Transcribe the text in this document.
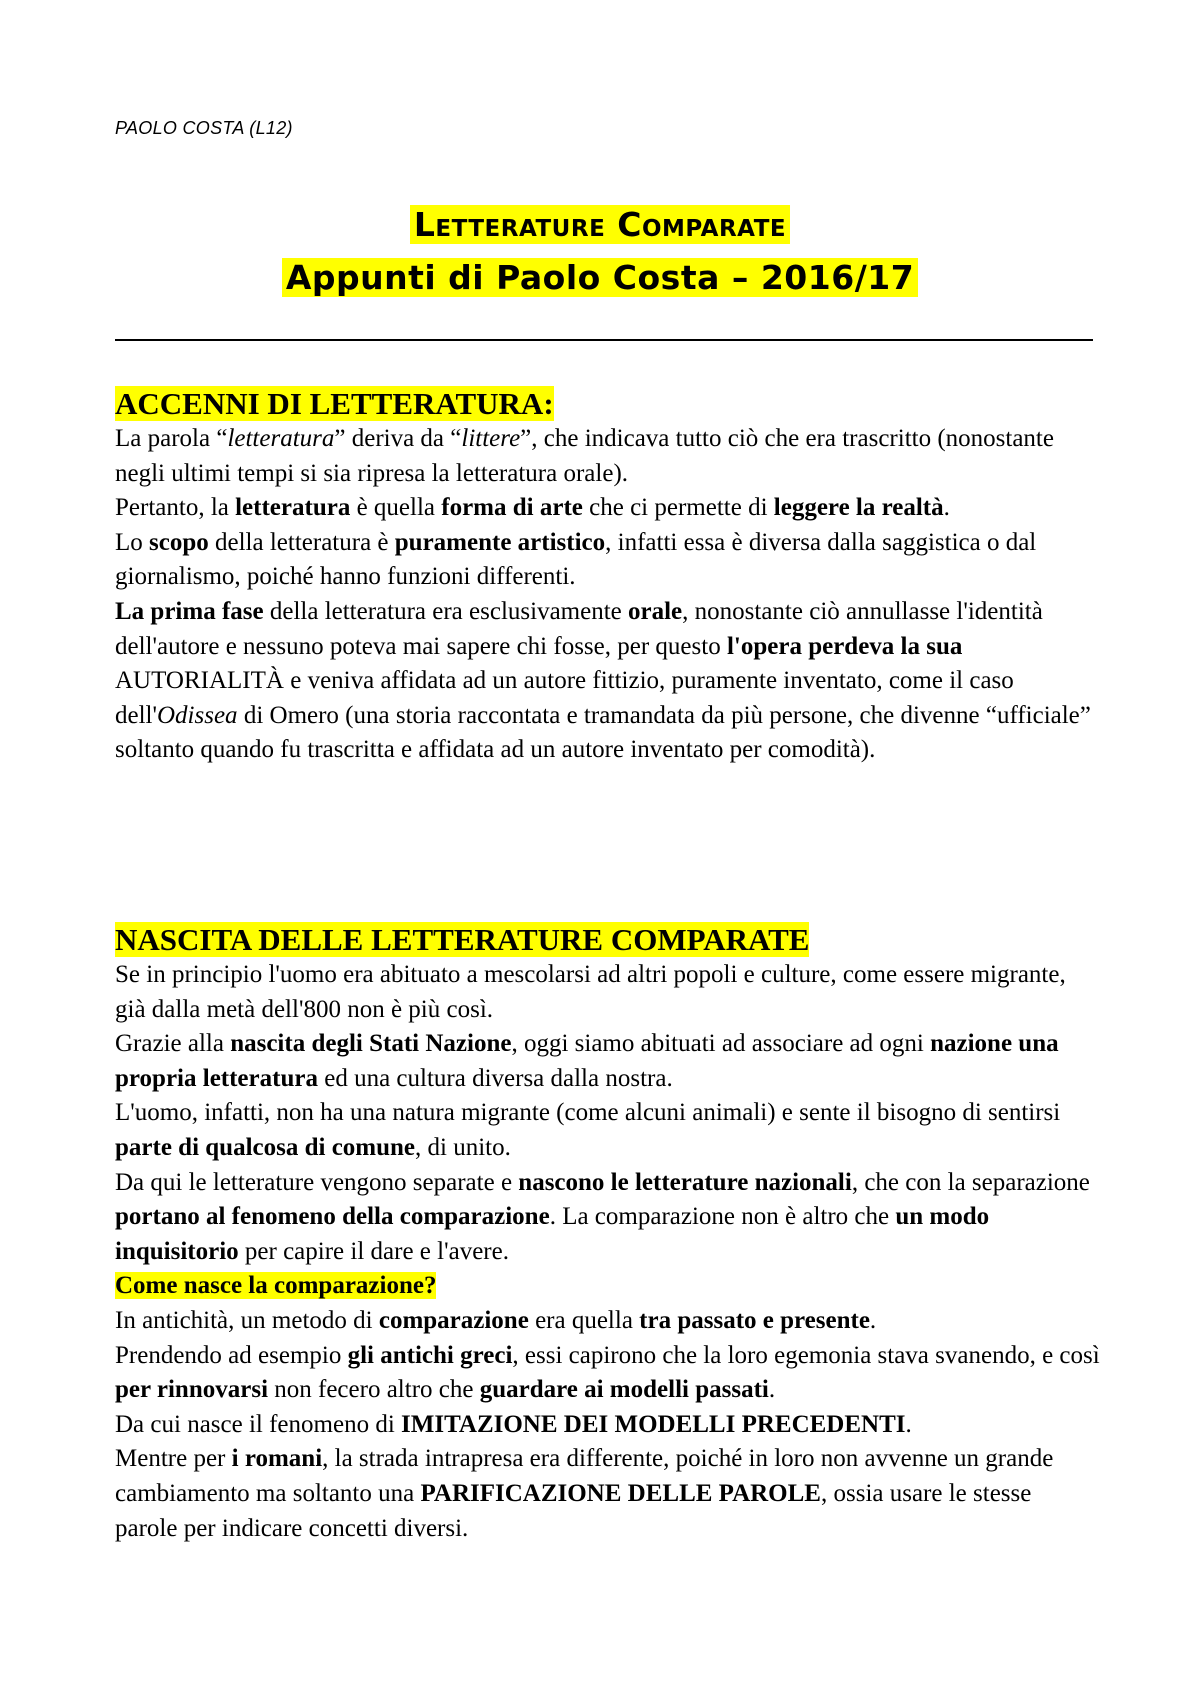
PAOLO COSTA (L12)
Letterature Comparate
Appunti di Paolo Costa – 2016/17
ACCENNI DI LETTERATURA:

La parola “letteratura” deriva da “littere”, che indicava tutto ciò che era trascritto (nonostante negli ultimi tempi si sia ripresa la letteratura orale).

Pertanto, la letteratura è quella forma di arte che ci permette di leggere la realtà.

Lo scopo della letteratura è puramente artistico, infatti essa è diversa dalla saggistica o dal giornalismo, poiché hanno funzioni differenti.

La prima fase della letteratura era esclusivamente orale, nonostante ciò annullasse l'identità dell'autore e nessuno poteva mai sapere chi fosse, per questo l'opera perdeva la sua AUTORIALITÀ e veniva affidata ad un autore fittizio, puramente inventato, come il caso dell'Odissea di Omero (una storia raccontata e tramandata da più persone, che divenne “ufficiale” soltanto quando fu trascritta e affidata ad un autore inventato per comodità).

NASCITA DELLE LETTERATURE COMPARATE

Se in principio l'uomo era abituato a mescolarsi ad altri popoli e culture, come essere migrante, già dalla metà dell'800 non è più così.

Grazie alla nascita degli Stati Nazione, oggi siamo abituati ad associare ad ogni nazione una propria letteratura ed una cultura diversa dalla nostra.

L'uomo, infatti, non ha una natura migrante (come alcuni animali) e sente il bisogno di sentirsi parte di qualcosa di comune, di unito.

Da qui le letterature vengono separate e nascono le letterature nazionali, che con la separazione portano al fenomeno della comparazione. La comparazione non è altro che un modo inquisitorio per capire il dare e l'avere.

Come nasce la comparazione?

In antichità, un metodo di comparazione era quella tra passato e presente.

Prendendo ad esempio gli antichi greci, essi capirono che la loro egemonia stava svanendo, e così per rinnovarsi non fecero altro che guardare ai modelli passati.

Da cui nasce il fenomeno di IMITAZIONE DEI MODELLI PRECEDENTI.

Mentre per i romani, la strada intrapresa era differente, poiché in loro non avvenne un grande cambiamento ma soltanto una PARIFICAZIONE DELLE PAROLE, ossia usare le stesse parole per indicare concetti diversi.
